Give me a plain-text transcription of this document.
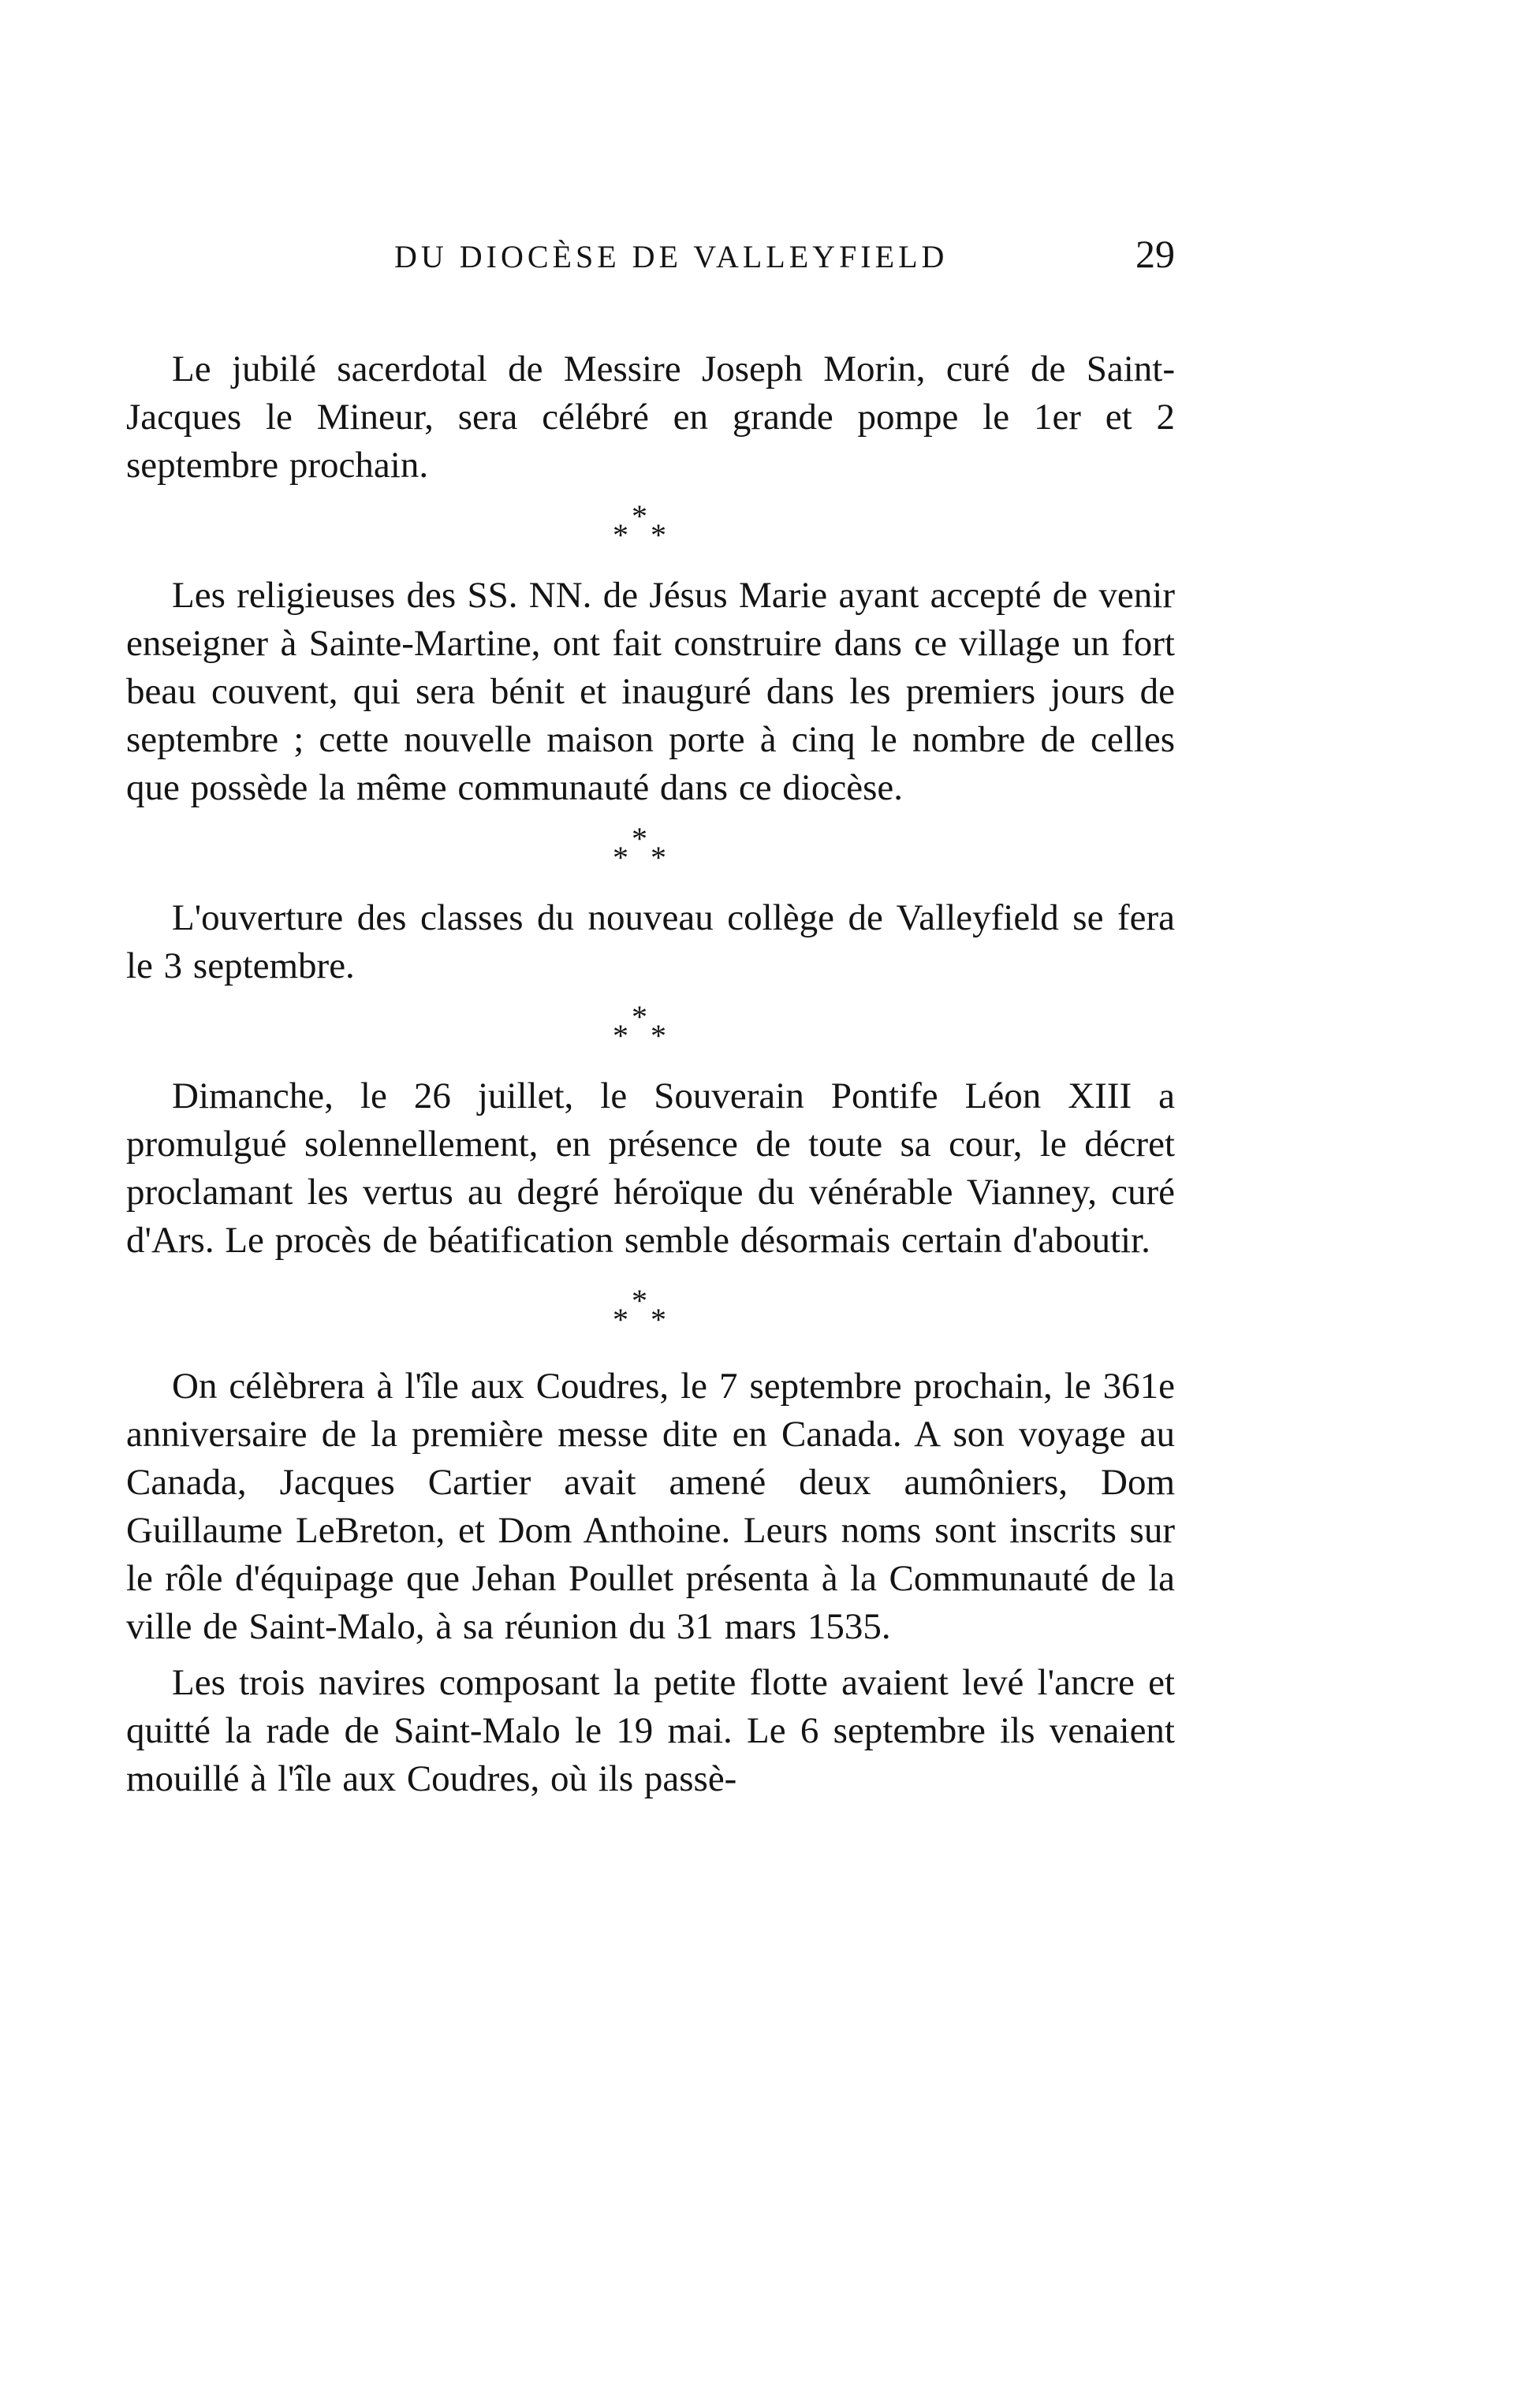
DU DIOCÈSE DE VALLEYFIELD	29

Le jubilé sacerdotal de Messire Joseph Morin, curé de Saint-Jacques le Mineur, sera célébré en grande pompe le 1er et 2 septembre prochain.

*
* *

Les religieuses des SS. NN. de Jésus Marie ayant accepté de venir enseigner à Sainte-Martine, ont fait construire dans ce village un fort beau couvent, qui sera bénit et inauguré dans les premiers jours de septembre ; cette nouvelle maison porte à cinq le nombre de celles que possède la même communauté dans ce diocèse.

*
* *

L'ouverture des classes du nouveau collège de Valleyfield se fera le 3 septembre.

*
* *

Dimanche, le 26 juillet, le Souverain Pontife Léon XIII a promulgué solennellement, en présence de toute sa cour, le décret proclamant les vertus au degré héroïque du vénérable Vianney, curé d'Ars. Le procès de béatification semble désormais certain d'aboutir.

*
* *

On célèbrera à l'île aux Coudres, le 7 septembre prochain, le 361e anniversaire de la première messe dite en Canada. A son voyage au Canada, Jacques Cartier avait amené deux aumôniers, Dom Guillaume LeBreton, et Dom Anthoine. Leurs noms sont inscrits sur le rôle d'équipage que Jehan Poullet présenta à la Communauté de la ville de Saint-Malo, à sa réunion du 31 mars 1535.

Les trois navires composant la petite flotte avaient levé l'ancre et quitté la rade de Saint-Malo le 19 mai. Le 6 septembre ils venaient mouillé à l'île aux Coudres, où ils passè-
